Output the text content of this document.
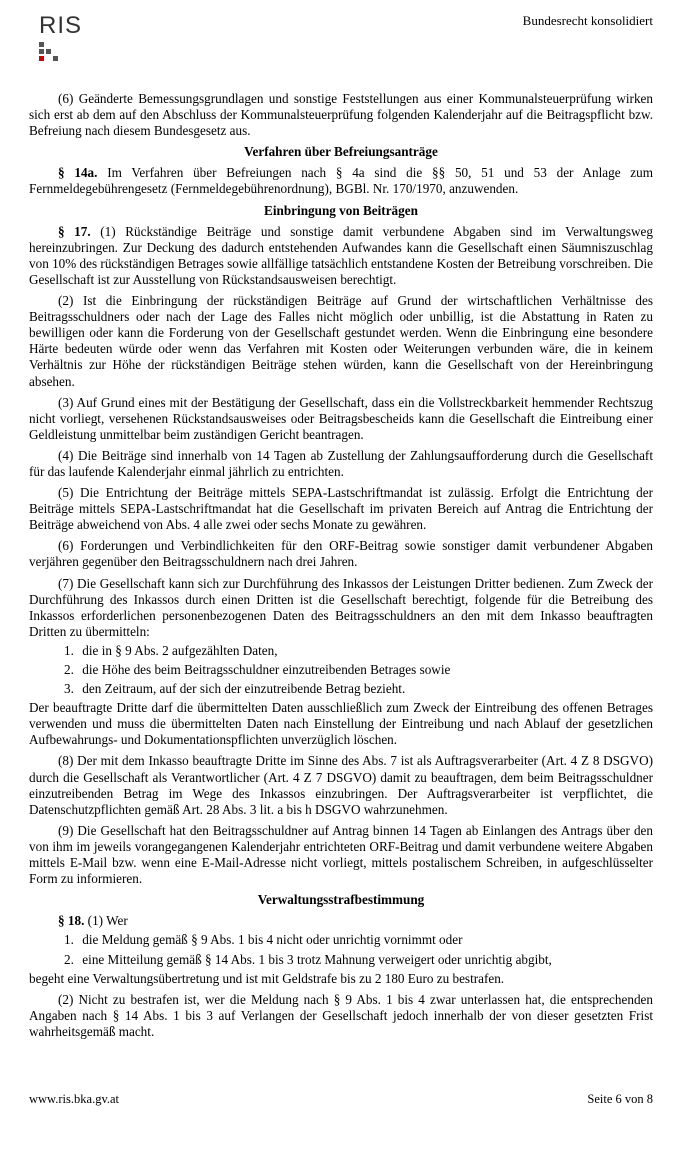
RIS	Bundesrecht konsolidiert

(6) Geänderte Bemessungsgrundlagen und sonstige Feststellungen aus einer Kommunalsteuerprüfung wirken sich erst ab dem auf den Abschluss der Kommunalsteuerprüfung folgenden Kalenderjahr auf die Beitragspflicht bzw. Befreiung nach diesem Bundesgesetz aus.

Verfahren über Befreiungsanträge

§ 14a. Im Verfahren über Befreiungen nach § 4a sind die §§ 50, 51 und 53 der Anlage zum Fernmeldegebührengesetz (Fernmeldegebührenordnung), BGBl. Nr. 170/1970, anzuwenden.

Einbringung von Beiträgen

§ 17. (1) Rückständige Beiträge und sonstige damit verbundene Abgaben sind im Verwaltungsweg hereinzubringen. Zur Deckung des dadurch entstehenden Aufwandes kann die Gesellschaft einen Säumniszuschlag von 10% des rückständigen Betrages sowie allfällige tatsächlich entstandene Kosten der Betreibung vorschreiben. Die Gesellschaft ist zur Ausstellung von Rückstandsausweisen berechtigt.

(2) Ist die Einbringung der rückständigen Beiträge auf Grund der wirtschaftlichen Verhältnisse des Beitragsschuldners oder nach der Lage des Falles nicht möglich oder unbillig, ist die Abstattung in Raten zu bewilligen oder kann die Forderung von der Gesellschaft gestundet werden. Wenn die Einbringung eine besondere Härte bedeuten würde oder wenn das Verfahren mit Kosten oder Weiterungen verbunden wäre, die in keinem Verhältnis zur Höhe der rückständigen Beiträge stehen würden, kann die Gesellschaft von der Hereinbringung absehen.

(3) Auf Grund eines mit der Bestätigung der Gesellschaft, dass ein die Vollstreckbarkeit hemmender Rechtszug nicht vorliegt, versehenen Rückstandsausweises oder Beitragsbescheids kann die Gesellschaft die Eintreibung einer Geldleistung unmittelbar beim zuständigen Gericht beantragen.

(4) Die Beiträge sind innerhalb von 14 Tagen ab Zustellung der Zahlungsaufforderung durch die Gesellschaft für das laufende Kalenderjahr einmal jährlich zu entrichten.

(5) Die Entrichtung der Beiträge mittels SEPA-Lastschriftmandat ist zulässig. Erfolgt die Entrichtung der Beiträge mittels SEPA-Lastschriftmandat hat die Gesellschaft im privaten Bereich auf Antrag die Entrichtung der Beiträge abweichend von Abs. 4 alle zwei oder sechs Monate zu gewähren.

(6) Forderungen und Verbindlichkeiten für den ORF-Beitrag sowie sonstiger damit verbundener Abgaben verjähren gegenüber den Beitragsschuldnern nach drei Jahren.

(7) Die Gesellschaft kann sich zur Durchführung des Inkassos der Leistungen Dritter bedienen. Zum Zweck der Durchführung des Inkassos durch einen Dritten ist die Gesellschaft berechtigt, folgende für die Betreibung des Inkassos erforderlichen personenbezogenen Daten des Beitragsschuldners an den mit dem Inkasso beauftragten Dritten zu übermitteln:

1. die in § 9 Abs. 2 aufgezählten Daten,
2. die Höhe des beim Beitragsschuldner einzutreibenden Betrages sowie
3. den Zeitraum, auf der sich der einzutreibende Betrag bezieht.

Der beauftragte Dritte darf die übermittelten Daten ausschließlich zum Zweck der Eintreibung des offenen Betrages verwenden und muss die übermittelten Daten nach Einstellung der Eintreibung und nach Ablauf der gesetzlichen Aufbewahrungs- und Dokumentationspflichten unverzüglich löschen.

(8) Der mit dem Inkasso beauftragte Dritte im Sinne des Abs. 7 ist als Auftragsverarbeiter (Art. 4 Z 8 DSGVO) durch die Gesellschaft als Verantwortlicher (Art. 4 Z 7 DSGVO) damit zu beauftragen, dem beim Beitragsschuldner einzutreibenden Betrag im Wege des Inkassos einzubringen. Der Auftragsverarbeiter ist verpflichtet, die Datenschutzpflichten gemäß Art. 28 Abs. 3 lit. a bis h DSGVO wahrzunehmen.

(9) Die Gesellschaft hat den Beitragsschuldner auf Antrag binnen 14 Tagen ab Einlangen des Antrags über den von ihm im jeweils vorangegangenen Kalenderjahr entrichteten ORF-Beitrag und damit verbundene weitere Abgaben mittels E-Mail bzw. wenn eine E-Mail-Adresse nicht vorliegt, mittels postalischem Schreiben, in aufgeschlüsselter Form zu informieren.

Verwaltungsstrafbestimmung

§ 18. (1) Wer

1. die Meldung gemäß § 9 Abs. 1 bis 4 nicht oder unrichtig vornimmt oder
2. eine Mitteilung gemäß § 14 Abs. 1 bis 3 trotz Mahnung verweigert oder unrichtig abgibt,

begeht eine Verwaltungsübertretung und ist mit Geldstrafe bis zu 2 180 Euro zu bestrafen.

(2) Nicht zu bestrafen ist, wer die Meldung nach § 9 Abs. 1 bis 4 zwar unterlassen hat, die entsprechenden Angaben nach § 14 Abs. 1 bis 3 auf Verlangen der Gesellschaft jedoch innerhalb der von dieser gesetzten Frist wahrheitsgemäß macht.

www.ris.bka.gv.at	Seite 6 von 8
